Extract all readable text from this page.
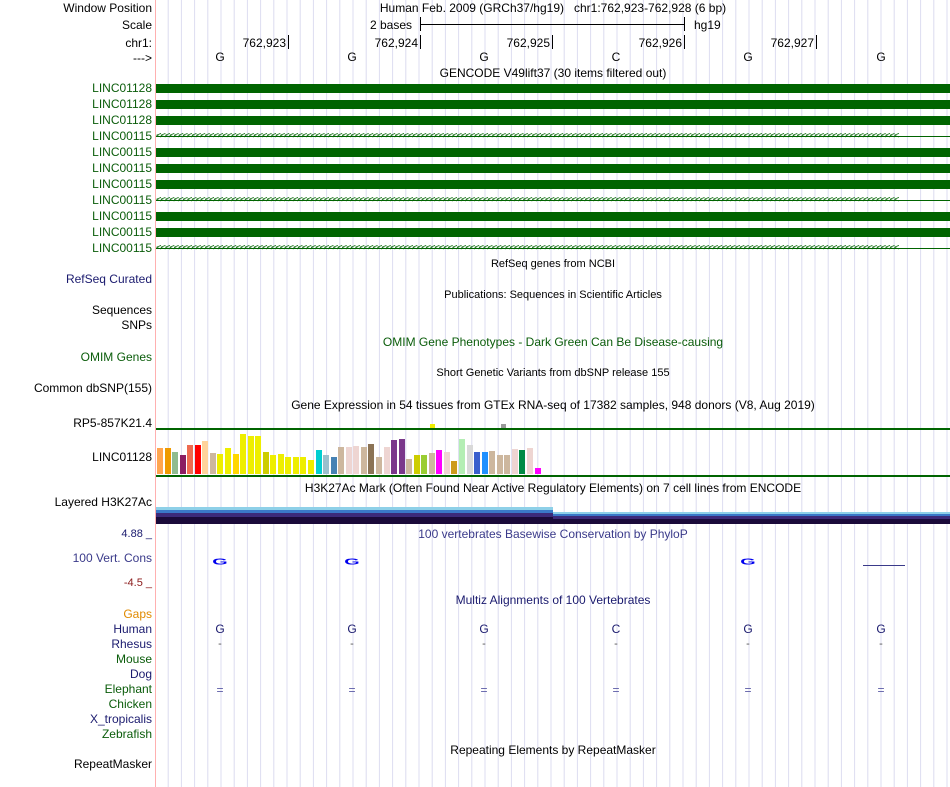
Window Position	Human Feb. 2009 (GRCh37/hg19) chr1:762,923-762,928 (6 bp)
Scale	2 bases	hg19
chr1:
--->
GENCODE V49lift37 (30 items filtered out)
RefSeq genes from NCBI
RefSeq Curated
Publications: Sequences in Scientific Articles
Sequences
SNPs
OMIM Gene Phenotypes - Dark Green Can Be Disease-causing
OMIM Genes
Short Genetic Variants from dbSNP release 155
Common dbSNP(155)
Gene Expression in 54 tissues from GTEx RNA-seq of 17382 samples, 948 donors (V8, Aug 2019)
RP5-857K21.4
LINC01128
H3K27Ac Mark (Often Found Near Active Regulatory Elements) on 7 cell lines from ENCODE
Layered H3K27Ac
100 vertebrates Basewise Conservation by PhyloP
4.88 _
100 Vert. Cons
-4.5 _
Multiz Alignments of 100 Vertebrates
Gaps
Repeating Elements by RepeatMasker
RepeatMasker
762,923	762,924	762,925	762,926	762,927
G	G	G	C	G	G
LINC01128
LINC01128
LINC01128
LINC00115 <<<<<<<<<<<<<<<<<<<<<<<<<<<<<<<<<<<<<<<<<<<<<<<<<<<<<<<<<<<<<<<<<<<<<<<<<<<<<<<<<<<<<<<<<<<<<<<<<<<<<<<<<<<<<<<<<<<<<<<<<<<<<<<<<<<<<<<<<<<<<<<<<<<<<<<<<<<<<<<<<<<<<<<<
LINC00115
LINC00115
LINC00115
LINC00115 <<<<<<<<<<<<<<<<<<<<<<<<<<<<<<<<<<<<<<<<<<<<<<<<<<<<<<<<<<<<<<<<<<<<<<<<<<<<<<<<<<<<<<<<<<<<<<<<<<<<<<<<<<<<<<<<<<<<<<<<<<<<<<<<<<<<<<<<<<<<<<<<<<<<<<<<<<<<<<<<<<<<<<<<
LINC00115
LINC00115
LINC00115 <<<<<<<<<<<<<<<<<<<<<<<<<<<<<<<<<<<<<<<<<<<<<<<<<<<<<<<<<<<<<<<<<<<<<<<<<<<<<<<<<<<<<<<<<<<<<<<<<<<<<<<<<<<<<<<<<<<<<<<<<<<<<<<<<<<<<<<<<<<<<<<<<<<<<<<<<<<<<<<<<<<<<<<<
G	G	G
Human	G	G	G	C	G	G
Rhesus	-	-	-	-	-	-
Mouse
Dog
Elephant	=	=	=	=	=	=
Chicken
X_tropicalis
Zebrafish
